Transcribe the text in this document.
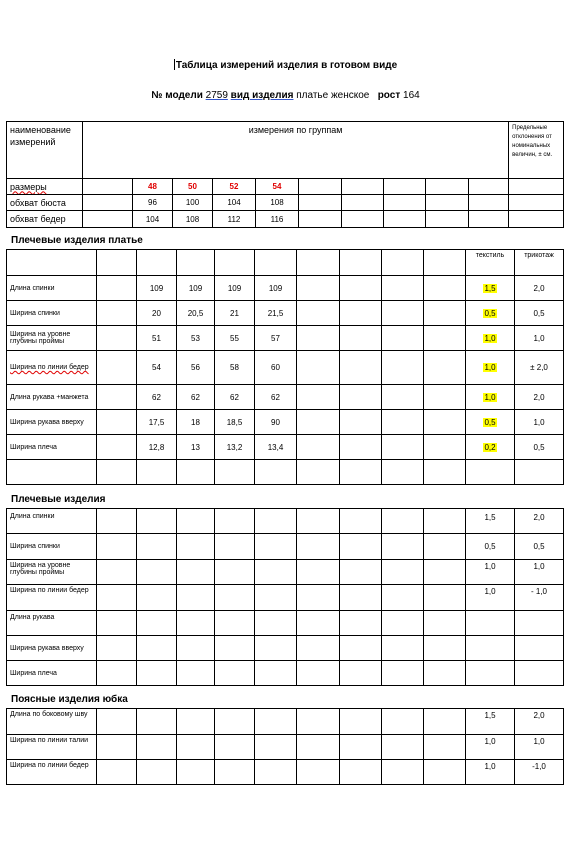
Таблица измерений изделия в готовом виде
№ модели 2759 вид изделия платье женское рост 164
наименование измерений	измерения по группам										Предельные отклонения от номинальных величин, ± см.
размеры		48	50	52	54						
обхват бюста		96	100	104	108						
обхват бедер		104	108	112	116						
Плечевые изделия платье
										текстиль	трикотаж
Длина спинки		109	109	109	109					1,5	2,0
Ширина спинки		20	20,5	21	21,5					0,5	0,5
Ширина на уровне глубины проймы		51	53	55	57					1,0	1,0
Ширина по линии бедер		54	56	58	60					1,0	± 2,0
Длина рукава +манжета		62	62	62	62					1,0	2,0
Ширина рукава вверху		17,5	18	18,5	90					0,5	1,0
Ширина плеча		12,8	13	13,2	13,4					0,2	0,5

Плечевые изделия
Длина спинки										1,5	2,0
Ширина спинки										0,5	0,5
Ширина на уровне глубины проймы										1,0	1,0
Ширина по линии бедер										1,0	- 1,0
Длина рукава											
Ширина рукава вверху											
Ширина плеча											
Поясные изделия юбка
Длина по боковому шву										1,5	2,0
Ширина по линии талии										1,0	1,0
Ширина по линии бедер										1,0	-1,0
